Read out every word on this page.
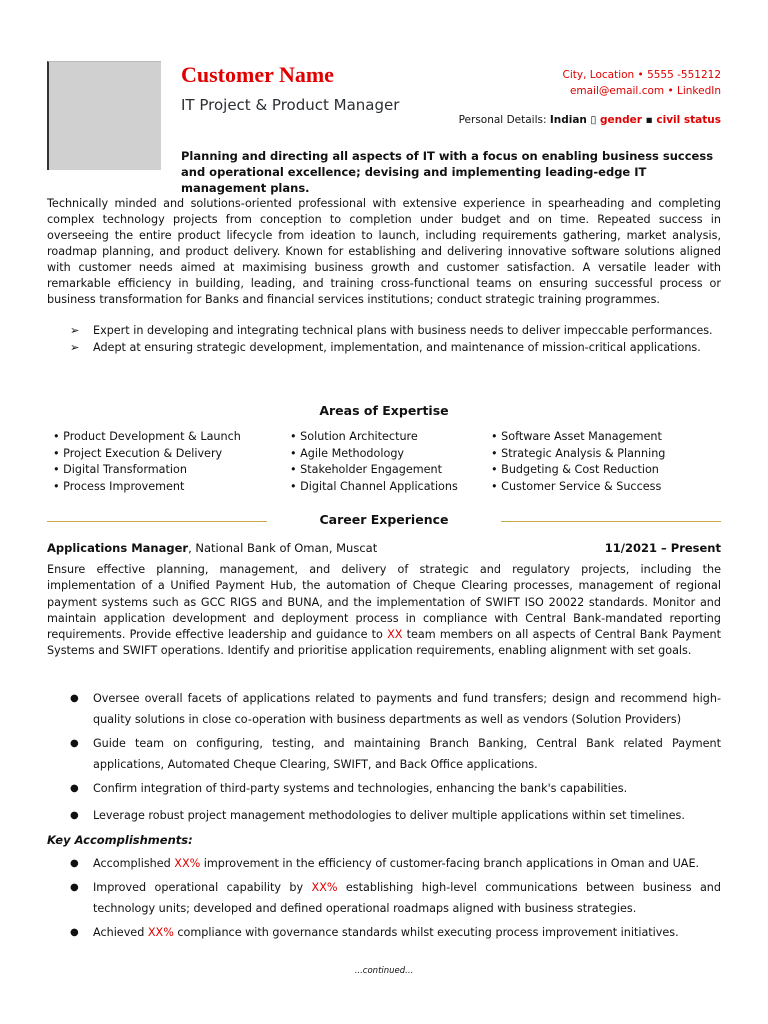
Customer Name
IT Project & Product Manager
City, Location • 5555 -551212
email@email.com • LinkedIn
Personal Details: Indian ▯ gender ▪ civil status
Planning and directing all aspects of IT with a focus on enabling business success and operational excellence; devising and implementing leading-edge IT management plans.
Technically minded and solutions-oriented professional with extensive experience in spearheading and completing complex technology projects from conception to completion under budget and on time. Repeated success in overseeing the entire product lifecycle from ideation to launch, including requirements gathering, market analysis, roadmap planning, and product delivery. Known for establishing and delivering innovative software solutions aligned with customer needs aimed at maximising business growth and customer satisfaction. A versatile leader with remarkable efficiency in building, leading, and training cross-functional teams on ensuring successful process or business transformation for Banks and financial services institutions; conduct strategic training programmes.
➢	Expert in developing and integrating technical plans with business needs to deliver impeccable performances.
➢	Adept at ensuring strategic development, implementation, and maintenance of mission-critical applications.
Areas of Expertise
• Product Development & Launch
• Project Execution & Delivery
• Digital Transformation
• Process Improvement
• Solution Architecture
• Agile Methodology
• Stakeholder Engagement
• Digital Channel Applications
• Software Asset Management
• Strategic Analysis & Planning
• Budgeting & Cost Reduction
• Customer Service & Success
Career Experience
Applications Manager, National Bank of Oman, Muscat	11/2021 – Present
Ensure effective planning, management, and delivery of strategic and regulatory projects, including the implementation of a Unified Payment Hub, the automation of Cheque Clearing processes, management of regional payment systems such as GCC RIGS and BUNA, and the implementation of SWIFT ISO 20022 standards. Monitor and maintain application development and deployment process in compliance with Central Bank-mandated reporting requirements. Provide effective leadership and guidance to XX team members on all aspects of Central Bank Payment Systems and SWIFT operations. Identify and prioritise application requirements, enabling alignment with set goals.
●	Oversee overall facets of applications related to payments and fund transfers; design and recommend high-quality solutions in close co-operation with business departments as well as vendors (Solution Providers)
●	Guide team on configuring, testing, and maintaining Branch Banking, Central Bank related Payment applications, Automated Cheque Clearing, SWIFT, and Back Office applications.
●	Confirm integration of third-party systems and technologies, enhancing the bank's capabilities.
●	Leverage robust project management methodologies to deliver multiple applications within set timelines.
Key Accomplishments:
●	Accomplished XX% improvement in the efficiency of customer-facing branch applications in Oman and UAE.
●	Improved operational capability by XX% establishing high-level communications between business and technology units; developed and defined operational roadmaps aligned with business strategies.
●	Achieved XX% compliance with governance standards whilst executing process improvement initiatives.
...continued...
